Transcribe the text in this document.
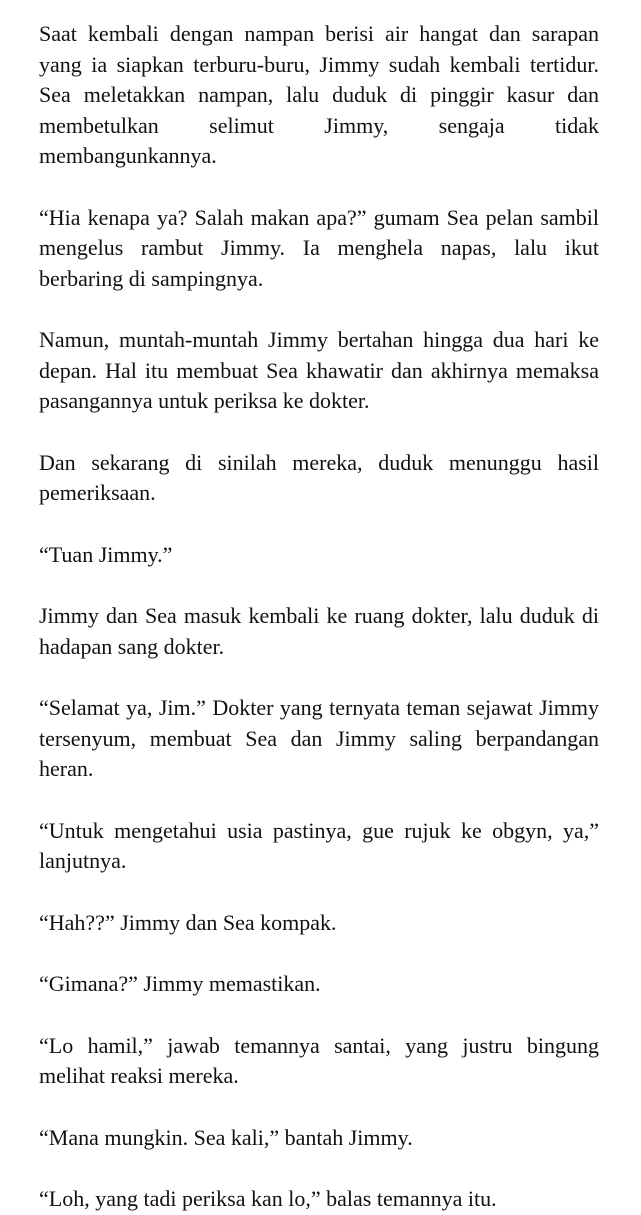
Saat kembali dengan nampan berisi air hangat dan sarapan yang ia siapkan terburu-buru, Jimmy sudah kembali tertidur. Sea meletakkan nampan, lalu duduk di pinggir kasur dan membetulkan selimut Jimmy, sengaja tidak membangunkannya.

“Hia kenapa ya? Salah makan apa?” gumam Sea pelan sambil mengelus rambut Jimmy. Ia menghela napas, lalu ikut berbaring di sampingnya.

Namun, muntah-muntah Jimmy bertahan hingga dua hari ke depan. Hal itu membuat Sea khawatir dan akhirnya memaksa pasangannya untuk periksa ke dokter.

Dan sekarang di sinilah mereka, duduk menunggu hasil pemeriksaan.

“Tuan Jimmy.”

Jimmy dan Sea masuk kembali ke ruang dokter, lalu duduk di hadapan sang dokter.

“Selamat ya, Jim.” Dokter yang ternyata teman sejawat Jimmy tersenyum, membuat Sea dan Jimmy saling berpandangan heran.

“Untuk mengetahui usia pastinya, gue rujuk ke obgyn, ya,” lanjutnya.

“Hah??” Jimmy dan Sea kompak.

“Gimana?” Jimmy memastikan.

“Lo hamil,” jawab temannya santai, yang justru bingung melihat reaksi mereka.

“Mana mungkin. Sea kali,” bantah Jimmy.

“Loh, yang tadi periksa kan lo,” balas temannya itu.
